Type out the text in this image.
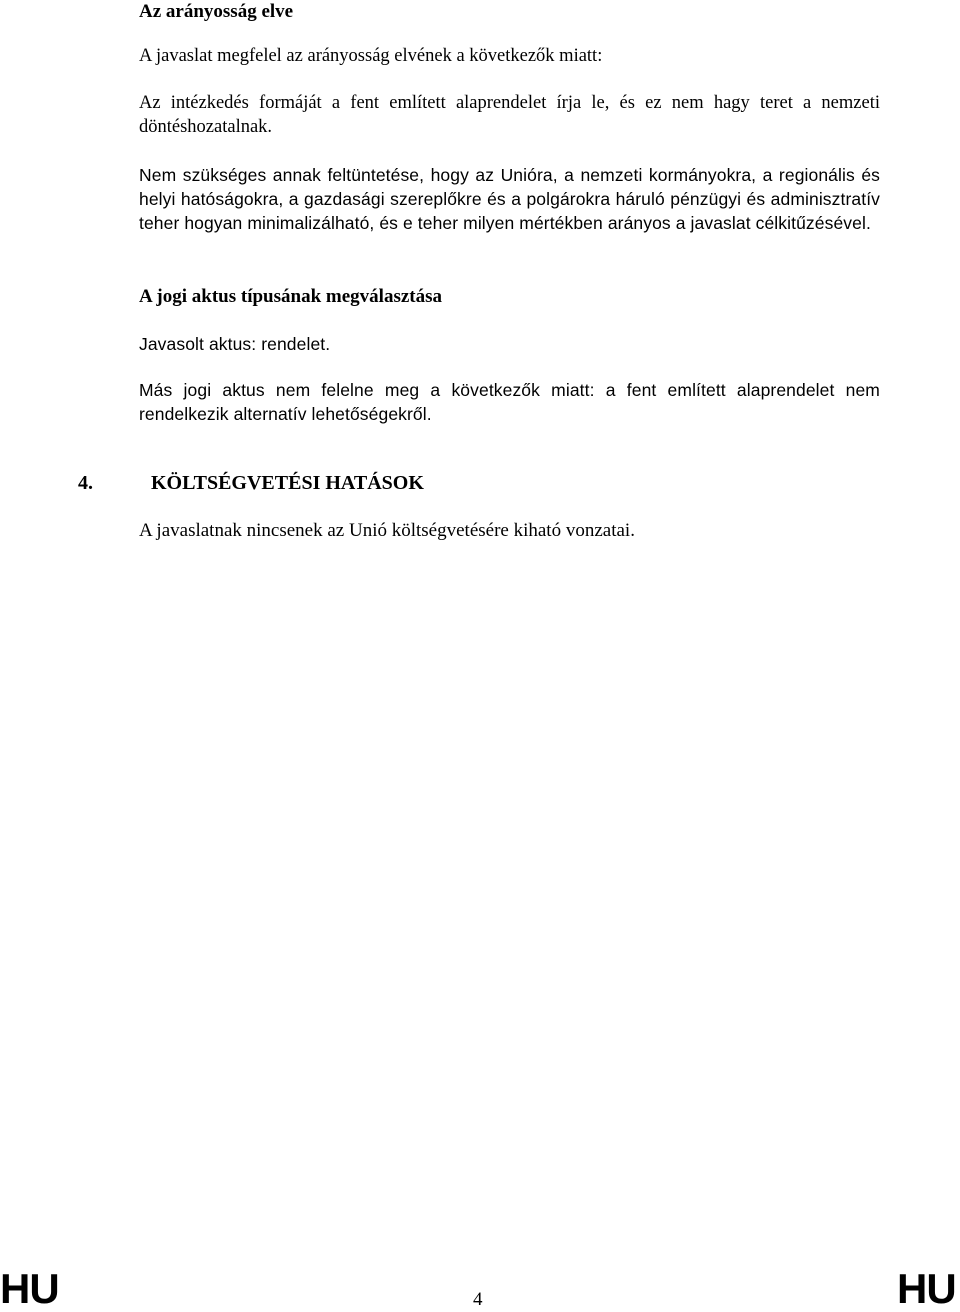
Az arányosság elve

A javaslat megfelel az arányosság elvének a következők miatt:

Az intézkedés formáját a fent említett alaprendelet írja le, és ez nem hagy teret a nemzeti döntéshozatalnak.

Nem szükséges annak feltüntetése, hogy az Unióra, a nemzeti kormányokra, a regionális és helyi hatóságokra, a gazdasági szereplőkre és a polgárokra háruló pénzügyi és adminisztratív teher hogyan minimalizálható, és e teher milyen mértékben arányos a javaslat célkitűzésével.

A jogi aktus típusának megválasztása

Javasolt aktus: rendelet.

Más jogi aktus nem felelne meg a következők miatt: a fent említett alaprendelet nem rendelkezik alternatív lehetőségekről.

4.	KÖLTSÉGVETÉSI HATÁSOK

A javaslatnak nincsenek az Unió költségvetésére kiható vonzatai.

HU	4	HU
